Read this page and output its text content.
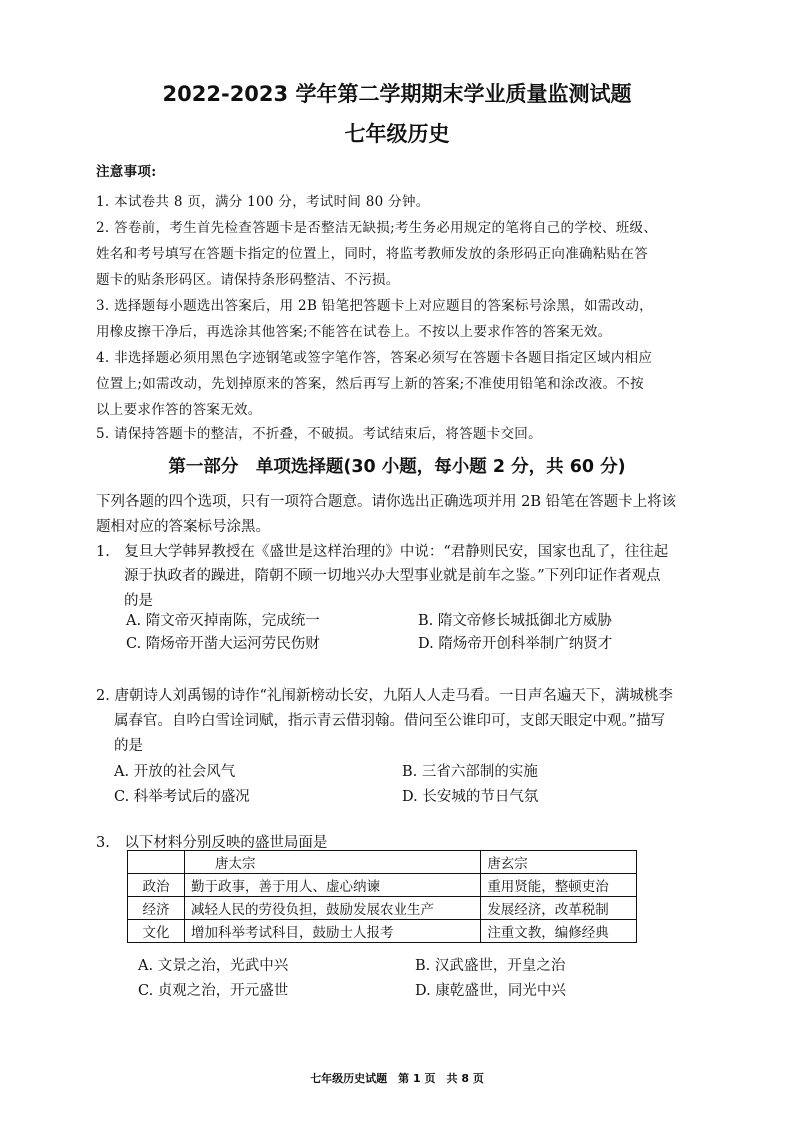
2022-2023 学年第二学期期末学业质量监测试题
七年级历史
注意事项:
1. 本试卷共 8 页，满分 100 分，考试时间 80 分钟。
2. 答卷前，考生首先检查答题卡是否整洁无缺损;考生务必用规定的笔将自己的学校、班级、
姓名和考号填写在答题卡指定的位置上，同时，将监考教师发放的条形码正向准确粘贴在答
题卡的贴条形码区。请保持条形码整洁、不污损。
3. 选择题每小题选出答案后，用 2B 铅笔把答题卡上对应题目的答案标号涂黑，如需改动，
用橡皮擦干净后，再选涂其他答案;不能答在试卷上。不按以上要求作答的答案无效。
4. 非选择题必须用黑色字迹钢笔或签字笔作答，答案必须写在答题卡各题目指定区域内相应
位置上;如需改动，先划掉原来的答案，然后再写上新的答案;不准使用铅笔和涂改液。不按
以上要求作答的答案无效。
5. 请保持答题卡的整洁，不折叠，不破损。考试结束后，将答题卡交回。
第一部分　单项选择题(30 小题，每小题 2 分，共 60 分)
下列各题的四个选项，只有一项符合题意。请你选出正确选项并用 2B 铅笔在答题卡上将该
题相对应的答案标号涂黑。
1.　复旦大学韩昇教授在《盛世是这样治理的》中说：“君静则民安，国家也乱了，往往起
源于执政者的躁进，隋朝不顾一切地兴办大型事业就是前车之鉴。”下列印证作者观点
的是
A. 隋文帝灭掉南陈，完成统一	B. 隋文帝修长城抵御北方威胁
C. 隋炀帝开凿大运河劳民伤财	D. 隋炀帝开创科举制广纳贤才
2. 唐朝诗人刘禹锡的诗作“礼闱新榜动长安，九陌人人走马看。一日声名遍天下，满城桃李
属春官。自吟白雪诠词赋，指示青云借羽翰。借问至公谁印可，支郎天眼定中观。”描写
的是
A. 开放的社会风气	B. 三省六部制的实施
C. 科举考试后的盛况	D. 长安城的节日气氛
3.　以下材料分别反映的盛世局面是
	唐太宗	唐玄宗
政治	勤于政事，善于用人、虚心纳谏	重用贤能，整顿吏治
经济	减轻人民的劳役负担，鼓励发展农业生产	发展经济，改革税制
文化	增加科举考试科目，鼓励士人报考	注重文教，编修经典
A. 文景之治，光武中兴	B. 汉武盛世，开皇之治
C. 贞观之治，开元盛世	D. 康乾盛世，同光中兴
七年级历史试题　第 1 页　共 8 页
